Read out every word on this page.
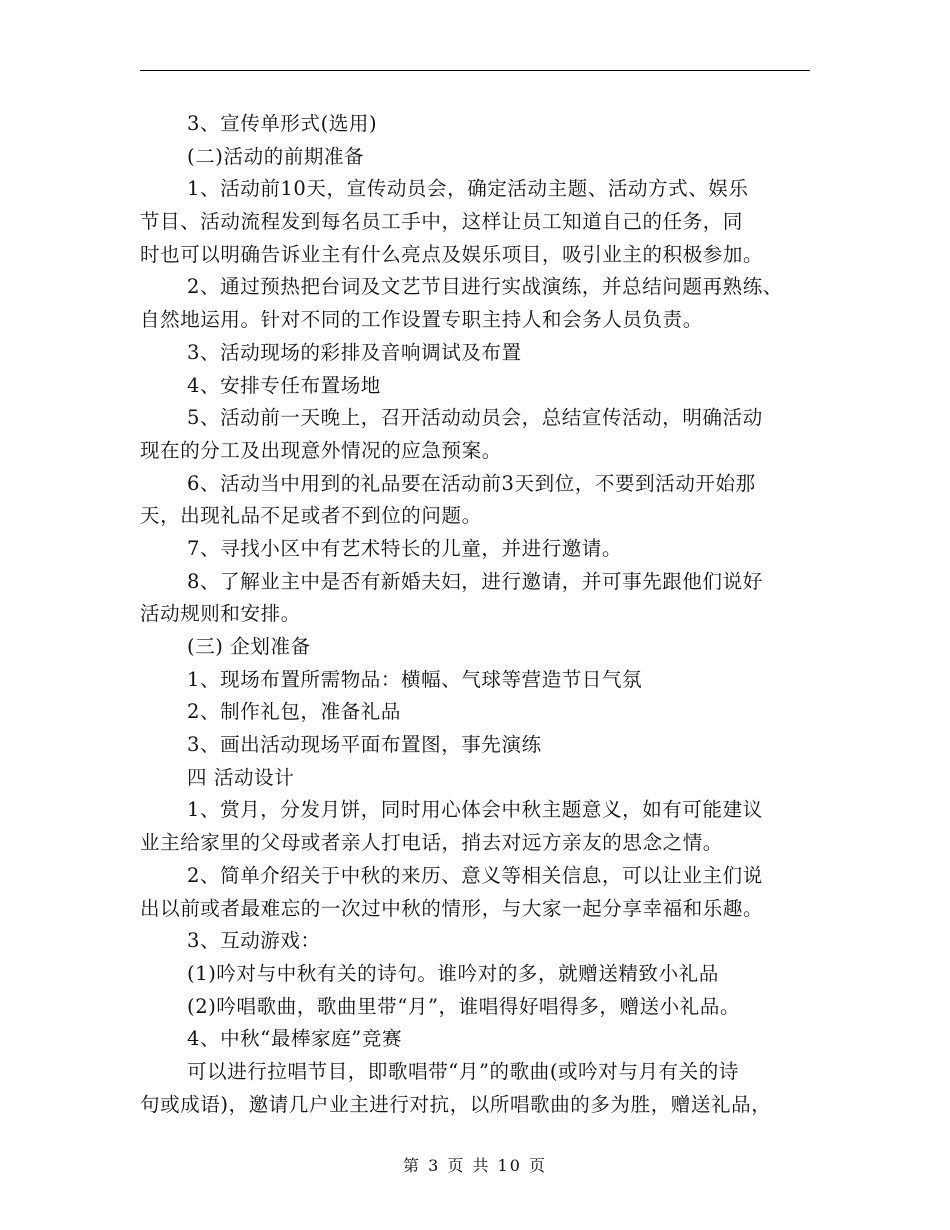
3、宣传单形式(选用)
(二)活动的前期准备
1、活动前10天，宣传动员会，确定活动主题、活动方式、娱乐
节目、活动流程发到每名员工手中，这样让员工知道自己的任务，同
时也可以明确告诉业主有什么亮点及娱乐项目，吸引业主的积极参加。
2、通过预热把台词及文艺节目进行实战演练，并总结问题再熟练、
自然地运用。针对不同的工作设置专职主持人和会务人员负责。
3、活动现场的彩排及音响调试及布置
4、安排专任布置场地
5、活动前一天晚上，召开活动动员会，总结宣传活动，明确活动
现在的分工及出现意外情况的应急预案。
6、活动当中用到的礼品要在活动前3天到位，不要到活动开始那
天，出现礼品不足或者不到位的问题。
7、寻找小区中有艺术特长的儿童，并进行邀请。
8、了解业主中是否有新婚夫妇，进行邀请，并可事先跟他们说好
活动规则和安排。
(三) 企划准备
1、现场布置所需物品：横幅、气球等营造节日气氛
2、制作礼包，准备礼品
3、画出活动现场平面布置图，事先演练
四 活动设计
1、赏月，分发月饼，同时用心体会中秋主题意义，如有可能建议
业主给家里的父母或者亲人打电话，捎去对远方亲友的思念之情。
2、简单介绍关于中秋的来历、意义等相关信息，可以让业主们说
出以前或者最难忘的一次过中秋的情形，与大家一起分享幸福和乐趣。
3、互动游戏：
(1)吟对与中秋有关的诗句。谁吟对的多，就赠送精致小礼品
(2)吟唱歌曲，歌曲里带“月”，谁唱得好唱得多，赠送小礼品。
4、中秋“最棒家庭”竞赛
可以进行拉唱节目，即歌唱带“月”的歌曲(或吟对与月有关的诗
句或成语)，邀请几户业主进行对抗，以所唱歌曲的多为胜，赠送礼品，
第 3 页 共 10 页
